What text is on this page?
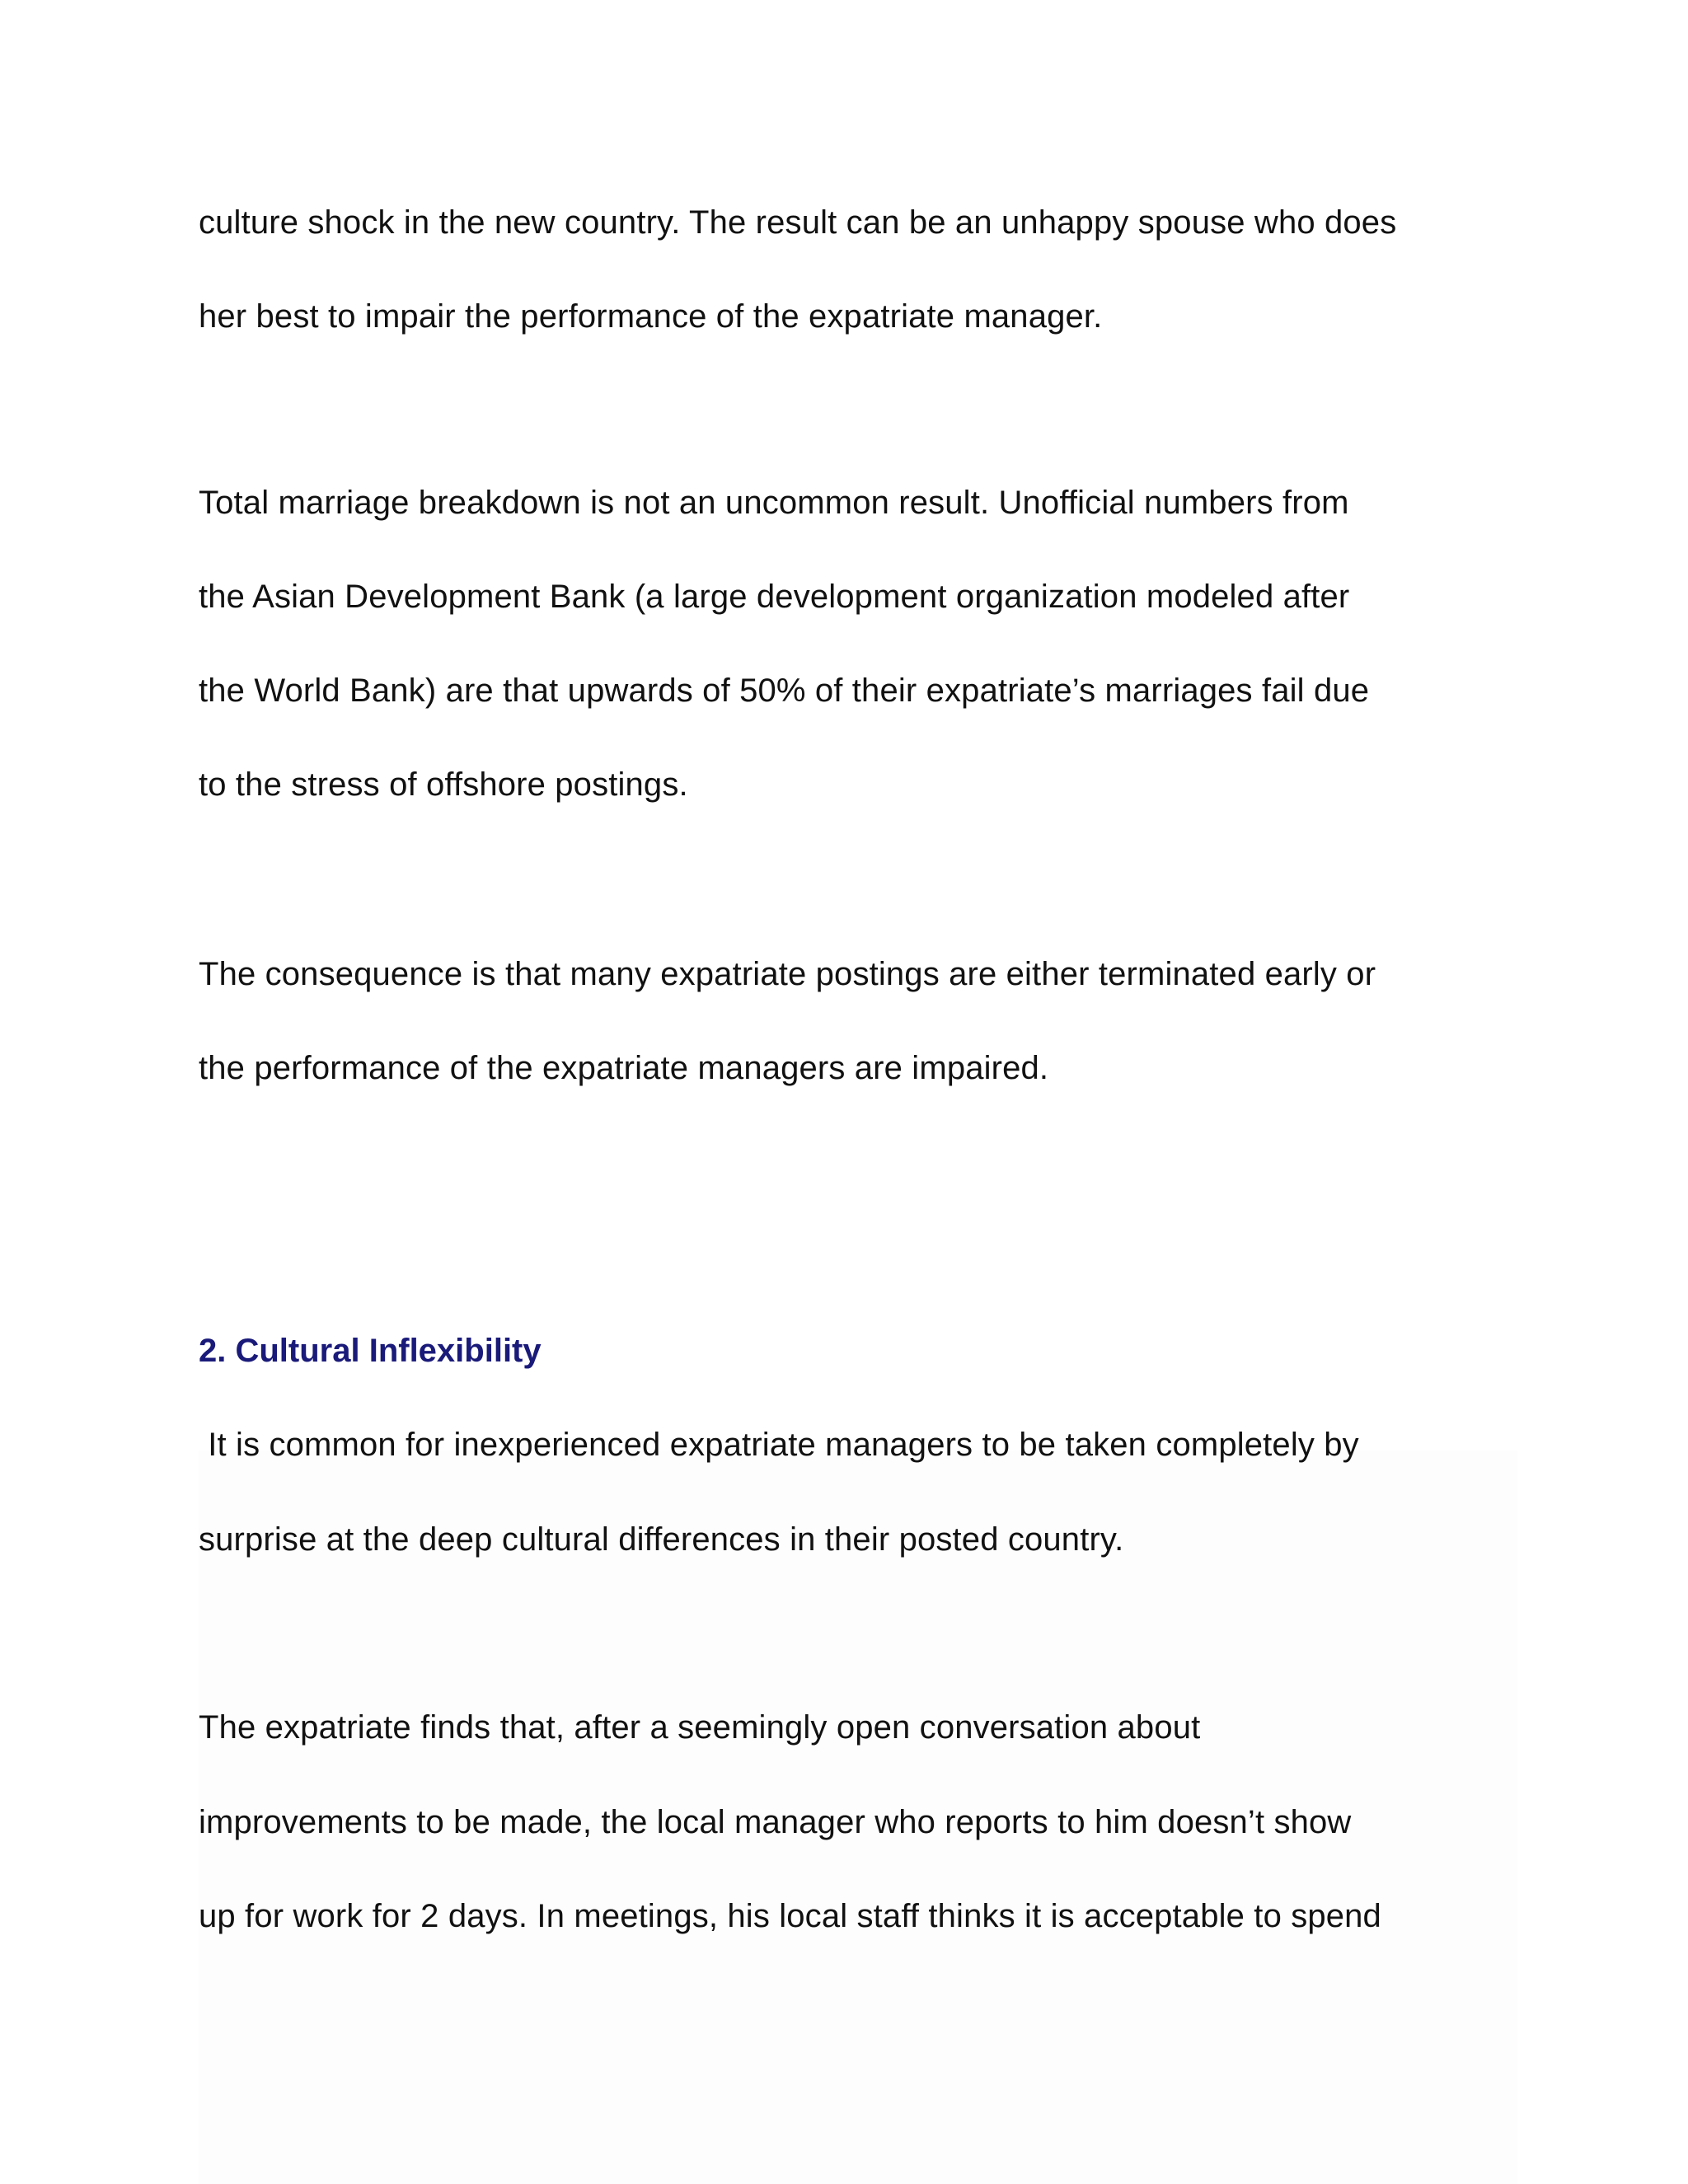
culture shock in the new country. The result can be an unhappy spouse who does
her best to impair the performance of the expatriate manager.
Total marriage breakdown is not an uncommon result. Unofficial numbers from
the Asian Development Bank (a large development organization modeled after
the World Bank) are that upwards of 50% of their expatriate’s marriages fail due
to the stress of offshore postings.
The consequence is that many expatriate postings are either terminated early or
the performance of the expatriate managers are impaired.
2. Cultural Inflexibility
It is common for inexperienced expatriate managers to be taken completely by
surprise at the deep cultural differences in their posted country.
The expatriate finds that, after a seemingly open conversation about
improvements to be made, the local manager who reports to him doesn’t show
up for work for 2 days. In meetings, his local staff thinks it is acceptable to spend
